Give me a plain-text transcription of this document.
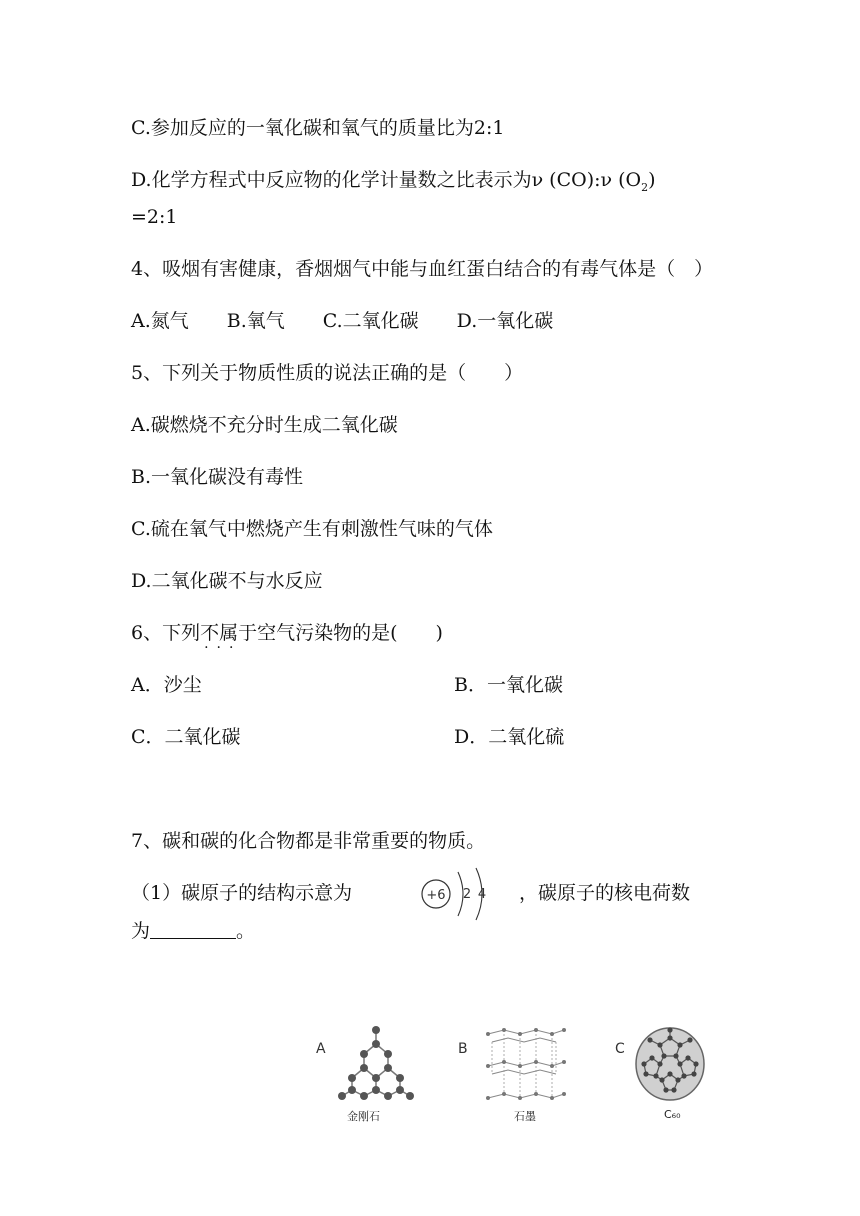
C.参加反应的一氧化碳和氧气的质量比为2:1
D.化学方程式中反应物的化学计量数之比表示为ν (CO):ν $(O_2)$
=2:1
4、吸烟有害健康，香烟烟气中能与血红蛋白结合的有毒气体是（　）
A.氮气　　B.氧气　　C.二氧化碳　　D.一氧化碳
5、下列关于物质性质的说法正确的是（　　）
A.碳燃烧不充分时生成二氧化碳
B.一氧化碳没有毒性
C.硫在氧气中燃烧产生有刺激性气味的气体
D.二氧化碳不与水反应
6、下列不属于 ···空气污染物的是(　　)
A．沙尘	B．一氧化碳
C．二氧化碳	D．二氧化硫
7、碳和碳的化合物都是非常重要的物质。
（1）碳原子的结构示意为	+6 2 4 ，碳原子的核电荷数
为	。
A
金刚石
B
石墨
C
C₆₀
